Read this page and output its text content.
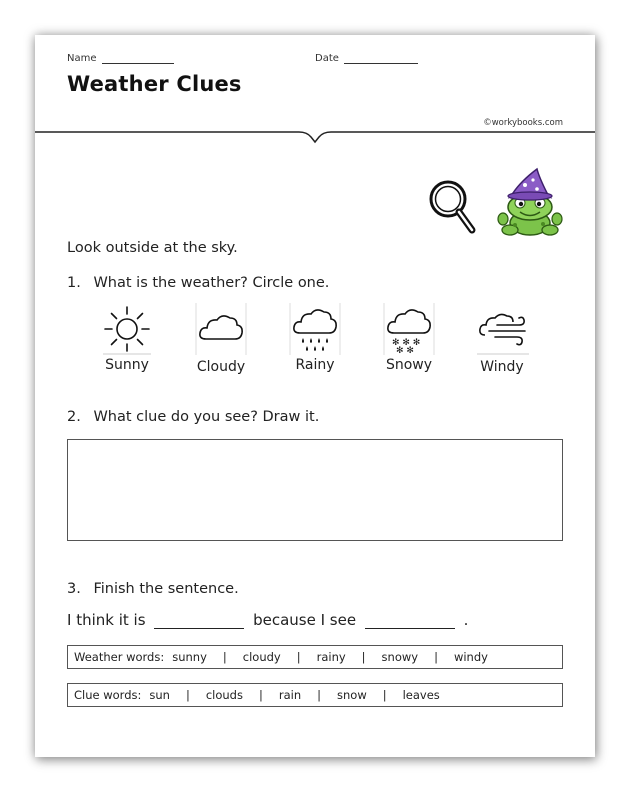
Name	Date
Weather Clues
©workybooks.com
Look outside at the sky.
1. What is the weather? Circle one.
Sunny	Cloudy	Rainy
✻ ✻ ✻
✻ ✻
Snowy	Windy
2. What clue do you see? Draw it.
3. Finish the sentence.
I think it is	because I see	.
Weather words: sunny | cloudy | rainy | snowy | windy
Clue words: sun | clouds | rain | snow | leaves
